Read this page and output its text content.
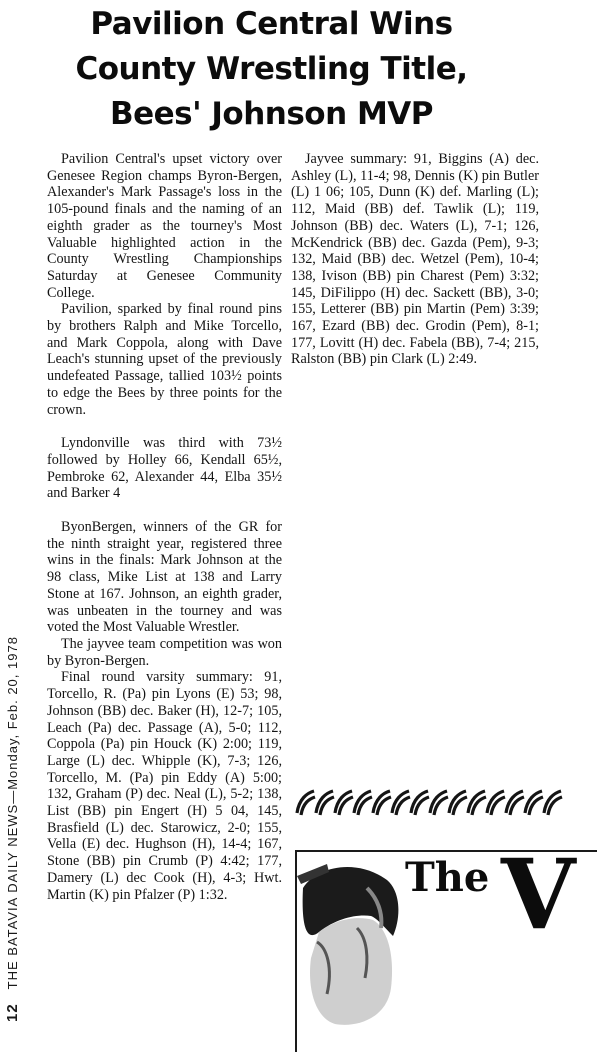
Pavilion Central Wins
County Wrestling Title,
Bees' Johnson MVP
12THE BATAVIA DAILY NEWS—Monday, Feb. 20, 1978

Pavilion Central's upset victory over Genesee Region champs Byron-Bergen, Alexander's Mark Passage's loss in the 105-pound finals and the naming of an eighth grader as the tourney's Most Valuable highlighted action in the County Wrestling Championships Saturday at Genesee Community College.

Pavilion, sparked by final round pins by brothers Ralph and Mike Torcello, and Mark Coppola, along with Dave Leach's stunning upset of the previously undefeated Passage, tallied 103½ points to edge the Bees by three points for the crown.

Lyndonville was third with 73½ followed by Holley 66, Kendall 65½, Pembroke 62, Alexander 44, Elba 35½ and Barker 4

ByonBergen, winners of the GR for the ninth straight year, registered three wins in the finals: Mark Johnson at the 98 class, Mike List at 138 and Larry Stone at 167. Johnson, an eighth grader, was unbeaten in the tourney and was voted the Most Valuable Wrestler.

The jayvee team competition was won by Byron-Bergen.

Final round varsity summary: 91, Torcello, R. (Pa) pin Lyons (E) 53; 98, Johnson (BB) dec. Baker (H), 12-7; 105, Leach (Pa) dec. Passage (A), 5-0; 112, Coppola (Pa) pin Houck (K) 2:00; 119, Large (L) dec. Whipple (K), 7-3; 126, Torcello, M. (Pa) pin Eddy (A) 5:00; 132, Graham (P) dec. Neal (L), 5-2; 138, List (BB) pin Engert (H) 5 04, 145, Brasfield (L) dec. Starowicz, 2-0; 155, Vella (E) dec. Hughson (H), 14-4; 167, Stone (BB) pin Crumb (P) 4:42; 177, Damery (L) dec Cook (H), 4-3; Hwt. Martin (K) pin Pfalzer (P) 1:32.

Jayvee summary: 91, Biggins (A) dec. Ashley (L), 11-4; 98, Dennis (K) pin Butler (L) 1 06; 105, Dunn (K) def. Marling (L); 112, Maid (BB) def. Tawlik (L); 119, Johnson (BB) dec. Waters (L), 7-1; 126, McKendrick (BB) dec. Gazda (Pem), 9-3; 132, Maid (BB) dec. Wetzel (Pem), 10-4; 138, Ivison (BB) pin Charest (Pem) 3:32; 145, DiFilippo (H) dec. Sackett (BB), 3-0; 155, Letterer (BB) pin Martin (Pem) 3:39; 167, Ezard (BB) dec. Grodin (Pem), 8-1; 177, Lovitt (H) dec. Fabela (BB), 7-4; 215, Ralston (BB) pin Clark (L) 2:49.

The V
